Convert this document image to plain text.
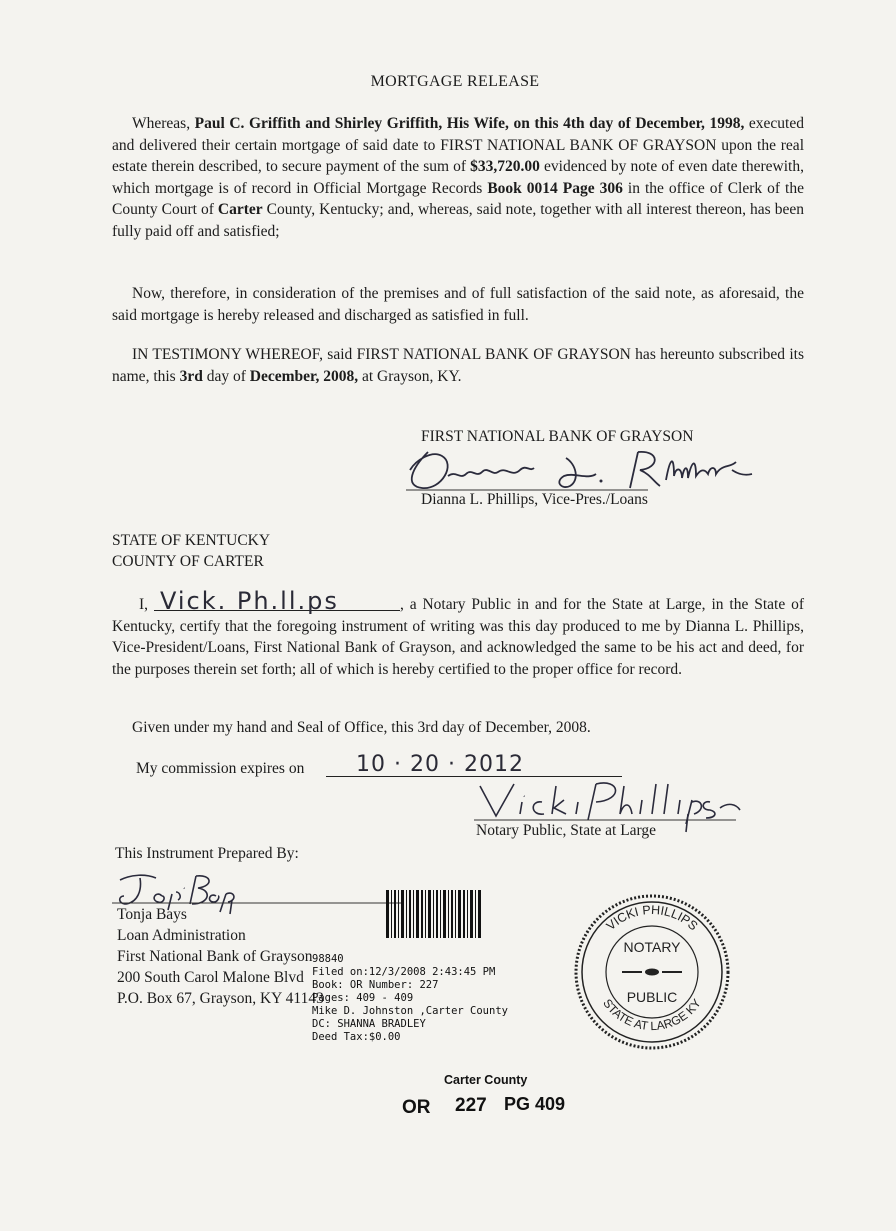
MORTGAGE RELEASE
Whereas, Paul C. Griffith and Shirley Griffith, His Wife, on this 4th day of December, 1998, executed and delivered their certain mortgage of said date to FIRST NATIONAL BANK OF GRAYSON upon the real estate therein described, to secure payment of the sum of $33,720.00 evidenced by note of even date therewith, which mortgage is of record in Official Mortgage Records Book 0014 Page 306 in the office of Clerk of the County Court of Carter County, Kentucky; and, whereas, said note, together with all interest thereon, has been fully paid off and satisfied;
Now, therefore, in consideration of the premises and of full satisfaction of the said note, as aforesaid, the said mortgage is hereby released and discharged as satisfied in full.
IN TESTIMONY WHEREOF, said FIRST NATIONAL BANK OF GRAYSON has hereunto subscribed its name, this 3rd day of December, 2008, at Grayson, KY.
FIRST NATIONAL BANK OF GRAYSON
Dianna L. Phillips, Vice-Pres./Loans
STATE OF KENTUCKY
COUNTY OF CARTER
I, Vick. Ph.ll.ps	, a Notary Public in and for the State at Large, in the State of Kentucky, certify that the foregoing instrument of writing was this day produced to me by Dianna L. Phillips, Vice-President/Loans, First National Bank of Grayson, and acknowledged the same to be his act and deed, for the purposes therein set forth; all of which is hereby certified to the proper office for record.
Given under my hand and Seal of Office, this 3rd day of December, 2008.
My commission expires on	10 · 20 · 2012
Notary Public, State at Large
This Instrument Prepared By:
Tonja Bays
Loan Administration
First National Bank of Grayson
200 South Carol Malone Blvd
P.O. Box 67, Grayson, KY 41143
98840
Filed on:12/3/2008 2:43:45 PM
Book: OR Number: 227
Pages: 409 - 409
Mike D. Johnston ,Carter County
DC: SHANNA BRADLEY
Deed Tax:$0.00
VICKI PHILLIPS
STATE AT LARGE KY
NOTARY
PUBLIC
Carter County
OR 227 PG 409
